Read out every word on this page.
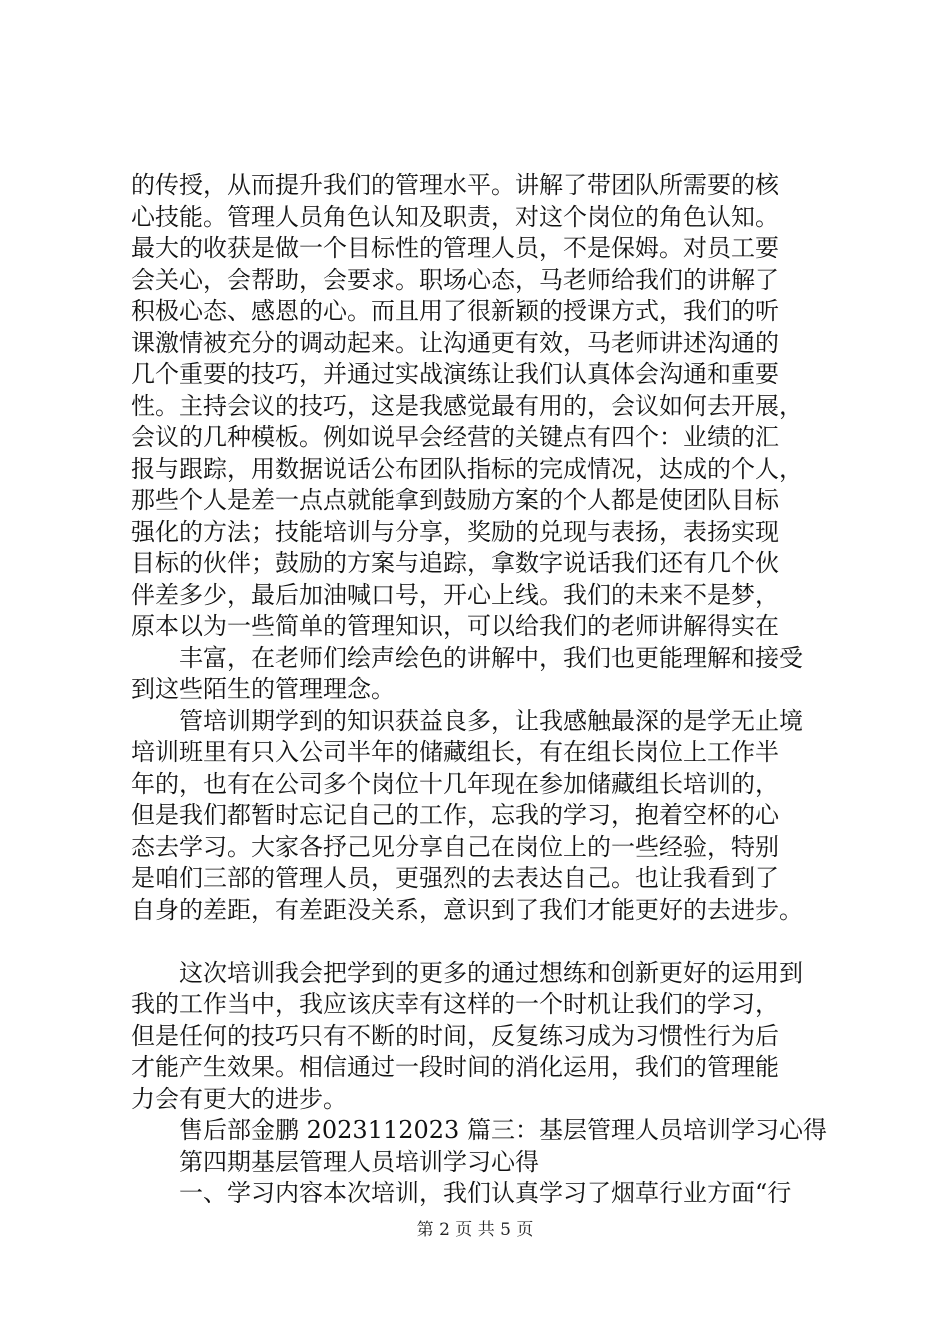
的传授，从而提升我们的管理水平。讲解了带团队所需要的核
心技能。管理人员角色认知及职责，对这个岗位的角色认知。
最大的收获是做一个目标性的管理人员，不是保姆。对员工要
会关心，会帮助，会要求。职场心态，马老师给我们的讲解了
积极心态、感恩的心。而且用了很新颖的授课方式，我们的听
课激情被充分的调动起来。让沟通更有效，马老师讲述沟通的
几个重要的技巧，并通过实战演练让我们认真体会沟通和重要
性。主持会议的技巧，这是我感觉最有用的，会议如何去开展，
会议的几种模板。例如说早会经营的关键点有四个：业绩的汇
报与跟踪，用数据说话公布团队指标的完成情况，达成的个人，
那些个人是差一点点就能拿到鼓励方案的个人都是使团队目标
强化的方法；技能培训与分享，奖励的兑现与表扬，表扬实现
目标的伙伴；鼓励的方案与追踪，拿数字说话我们还有几个伙
伴差多少，最后加油喊口号，开心上线。我们的未来不是梦，
原本以为一些简单的管理知识，可以给我们的老师讲解得实在
丰富，在老师们绘声绘色的讲解中，我们也更能理解和接受
到这些陌生的管理理念。
管培训期学到的知识获益良多，让我感触最深的是学无止境
培训班里有只入公司半年的储藏组长，有在组长岗位上工作半
年的，也有在公司多个岗位十几年现在参加储藏组长培训的，
但是我们都暂时忘记自己的工作，忘我的学习，抱着空杯的心
态去学习。大家各抒己见分享自己在岗位上的一些经验，特别
是咱们三部的管理人员，更强烈的去表达自己。也让我看到了
自身的差距，有差距没关系，意识到了我们才能更好的去进步。
这次培训我会把学到的更多的通过想练和创新更好的运用到
我的工作当中，我应该庆幸有这样的一个时机让我们的学习，
但是任何的技巧只有不断的时间，反复练习成为习惯性行为后
才能产生效果。相信通过一段时间的消化运用，我们的管理能
力会有更大的进步。
售后部金鹏 2023112023 篇三：基层管理人员培训学习心得
第四期基层管理人员培训学习心得
一、学习内容本次培训，我们认真学习了烟草行业方面“行
第 2 页 共 5 页
